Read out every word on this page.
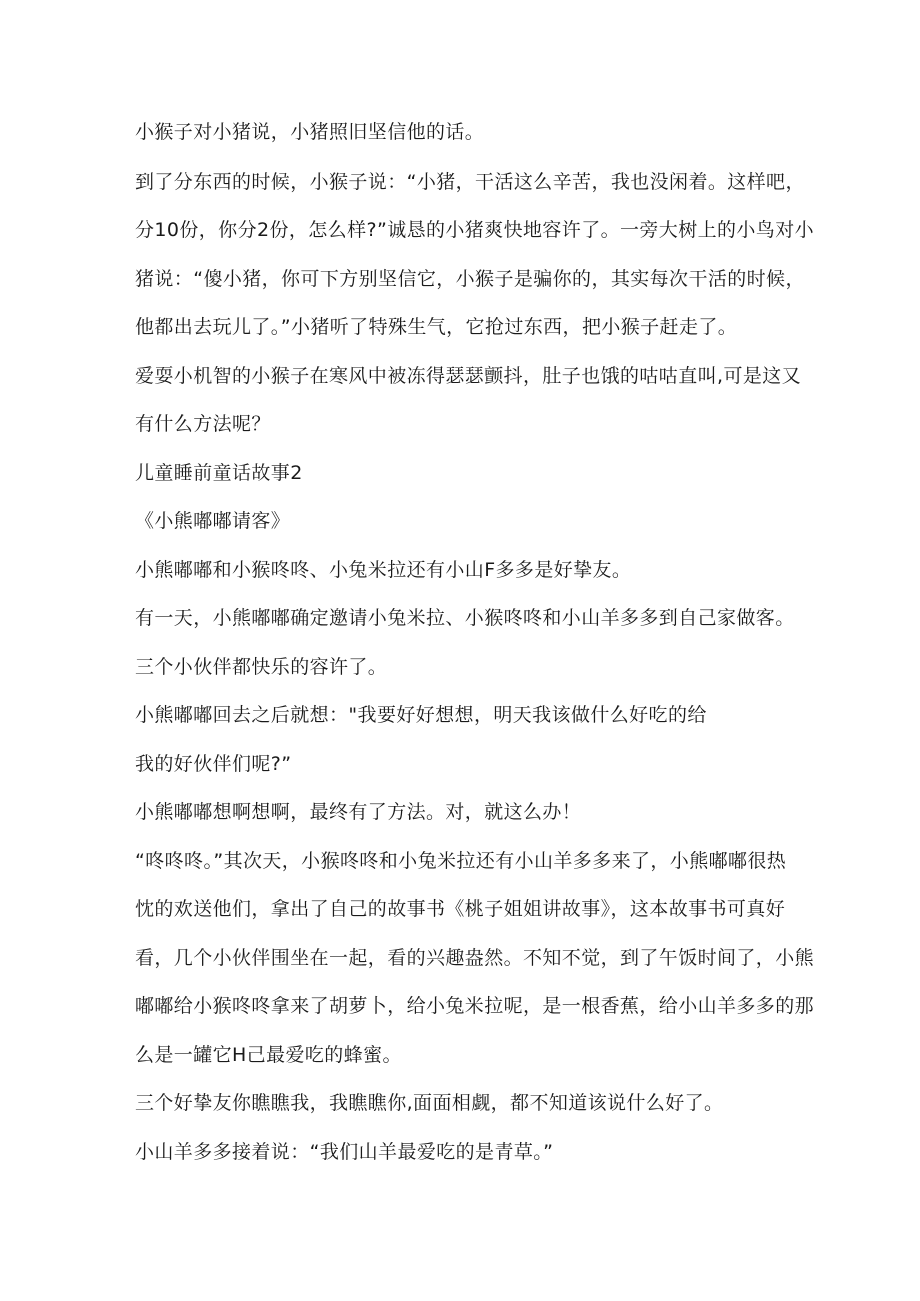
小猴子对小猪说，小猪照旧坚信他的话。
到了分东西的时候，小猴子说：“小猪，干活这么辛苦，我也没闲着。这样吧，
分10份，你分2份，怎么样?”诚恳的小猪爽快地容许了。一旁大树上的小鸟对小
猪说：“傻小猪，你可下方别坚信它，小猴子是骗你的，其实每次干活的时候，
他都出去玩儿了。”小猪听了特殊生气，它抢过东西，把小猴子赶走了。
爱耍小机智的小猴子在寒风中被冻得瑟瑟颤抖，肚子也饿的咕咕直叫,可是这又
有什么方法呢？
儿童睡前童话故事2
《小熊嘟嘟请客》
小熊嘟嘟和小猴咚咚、小兔米拉还有小山F多多是好挚友。
有一天，小熊嘟嘟确定邀请小兔米拉、小猴咚咚和小山羊多多到自己家做客。
三个小伙伴都快乐的容许了。
小熊嘟嘟回去之后就想："我要好好想想，明天我该做什么好吃的给
我的好伙伴们呢?”
小熊嘟嘟想啊想啊，最终有了方法。对，就这么办！
“咚咚咚。”其次天，小猴咚咚和小兔米拉还有小山羊多多来了，小熊嘟嘟很热
忱的欢送他们，拿出了自己的故事书《桃子姐姐讲故事》，这本故事书可真好
看，几个小伙伴围坐在一起，看的兴趣盎然。不知不觉，到了午饭时间了，小熊
嘟嘟给小猴咚咚拿来了胡萝卜，给小兔米拉呢，是一根香蕉，给小山羊多多的那
么是一罐它H己最爱吃的蜂蜜。
三个好挚友你瞧瞧我，我瞧瞧你,面面相觑，都不知道该说什么好了。
小山羊多多接着说：“我们山羊最爱吃的是青草。”
